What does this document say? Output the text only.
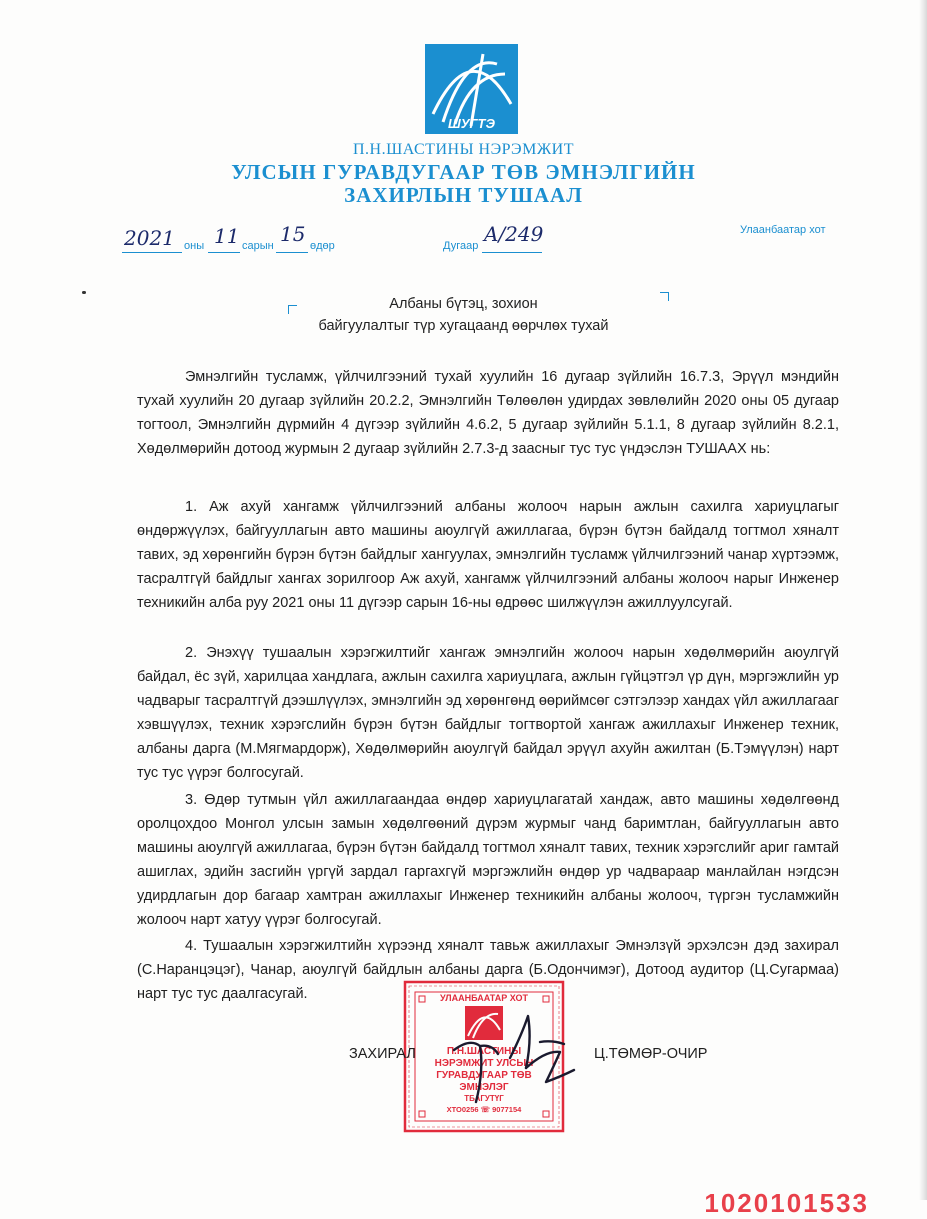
ШУГТЭ
П.Н.ШАСТИНЫ НЭРЭМЖИТ
УЛСЫН ГУРАВДУГААР ТӨВ ЭМНЭЛГИЙН
ЗАХИРЛЫН ТУШААЛ
2021 оны 11 сарын 15 өдөр	Дугаар A/249	Улаанбаатар хот
Албаны бүтэц, зохион
байгуулалтыг түр хугацаанд өөрчлөх тухай

Эмнэлгийн тусламж, үйлчилгээний тухай хуулийн 16 дугаар зүйлийн 16.7.3, Эрүүл мэндийн тухай хуулийн 20 дугаар зүйлийн 20.2.2, Эмнэлгийн Төлөөлөн удирдах зөвлөлийн 2020 оны 05 дугаар тогтоол, Эмнэлгийн дүрмийн 4 дүгээр зүйлийн 4.6.2, 5 дугаар зүйлийн 5.1.1, 8 дугаар зүйлийн 8.2.1, Хөдөлмөрийн дотоод журмын 2 дугаар зүйлийн 2.7.3-д заасныг тус тус үндэслэн ТУШААХ нь:

1. Аж ахуй хангамж үйлчилгээний албаны жолооч нарын ажлын сахилга хариуцлагыг өндөржүүлэх, байгууллагын авто машины аюулгүй ажиллагаа, бүрэн бүтэн байдалд тогтмол хяналт тавих, эд хөрөнгийн бүрэн бүтэн байдлыг хангуулах, эмнэлгийн тусламж үйлчилгээний чанар хүртээмж, тасралтгүй байдлыг хангах зорилгоор Аж ахуй, хангамж үйлчилгээний албаны жолооч нарыг Инженер техникийн алба руу 2021 оны 11 дүгээр сарын 16-ны өдрөөс шилжүүлэн ажиллуулсугай.

2. Энэхүү тушаалын хэрэгжилтийг хангаж эмнэлгийн жолооч нарын хөдөлмөрийн аюулгүй байдал, ёс зүй, харилцаа хандлага, ажлын сахилга хариуцлага, ажлын гүйцэтгэл үр дүн, мэргэжлийн ур чадварыг тасралтгүй дээшлүүлэх, эмнэлгийн эд хөрөнгөнд өөриймсөг сэтгэлээр хандах үйл ажиллагааг хэвшүүлэх, техник хэрэгслийн бүрэн бүтэн байдлыг тогтвортой хангаж ажиллахыг Инженер техник, албаны дарга (М.Мягмардорж), Хөдөлмөрийн аюулгүй байдал эрүүл ахуйн ажилтан (Б.Тэмүүлэн) нарт тус тус үүрэг болгосугай.

3. Өдөр тутмын үйл ажиллагаандаа өндөр хариуцлагатай хандаж, авто машины хөдөлгөөнд оролцохдоо Монгол улсын замын хөдөлгөөний дүрэм журмыг чанд баримтлан, байгууллагын авто машины аюулгүй ажиллагаа, бүрэн бүтэн байдалд тогтмол хяналт тавих, техник хэрэгслийг ариг гамтай ашиглах, эдийн засгийн үргүй зардал гаргахгүй мэргэжлийн өндөр ур чадвараар манлайлан нэгдсэн удирдлагын дор багаар хамтран ажиллахыг Инженер техникийн албаны жолооч, түргэн тусламжийн жолооч нарт хатуу үүрэг болгосугай.

4. Тушаалын хэрэгжилтийн хүрээнд хяналт тавьж ажиллахыг Эмнэлзүй эрхэлсэн дэд захирал (С.Наранцэцэг), Чанар, аюулгүй байдлын албаны дарга (Б.Одончимэг), Дотоод аудитор (Ц.Сугармаа) нарт тус тус даалгасугай.	УЛААНБААТАР ХОТ
П.Н.ШАСТИНЫ
НЭРЭМЖИТ УЛСЫН
ГУРАВДУГААР ТӨВ
ЭМНЭЛЭГ
ТБАГУТҮГ
ХТО0256 ☏ 9077154
ЗАХИРАЛ	Ц.ТӨМӨР-ОЧИР
1020101533
